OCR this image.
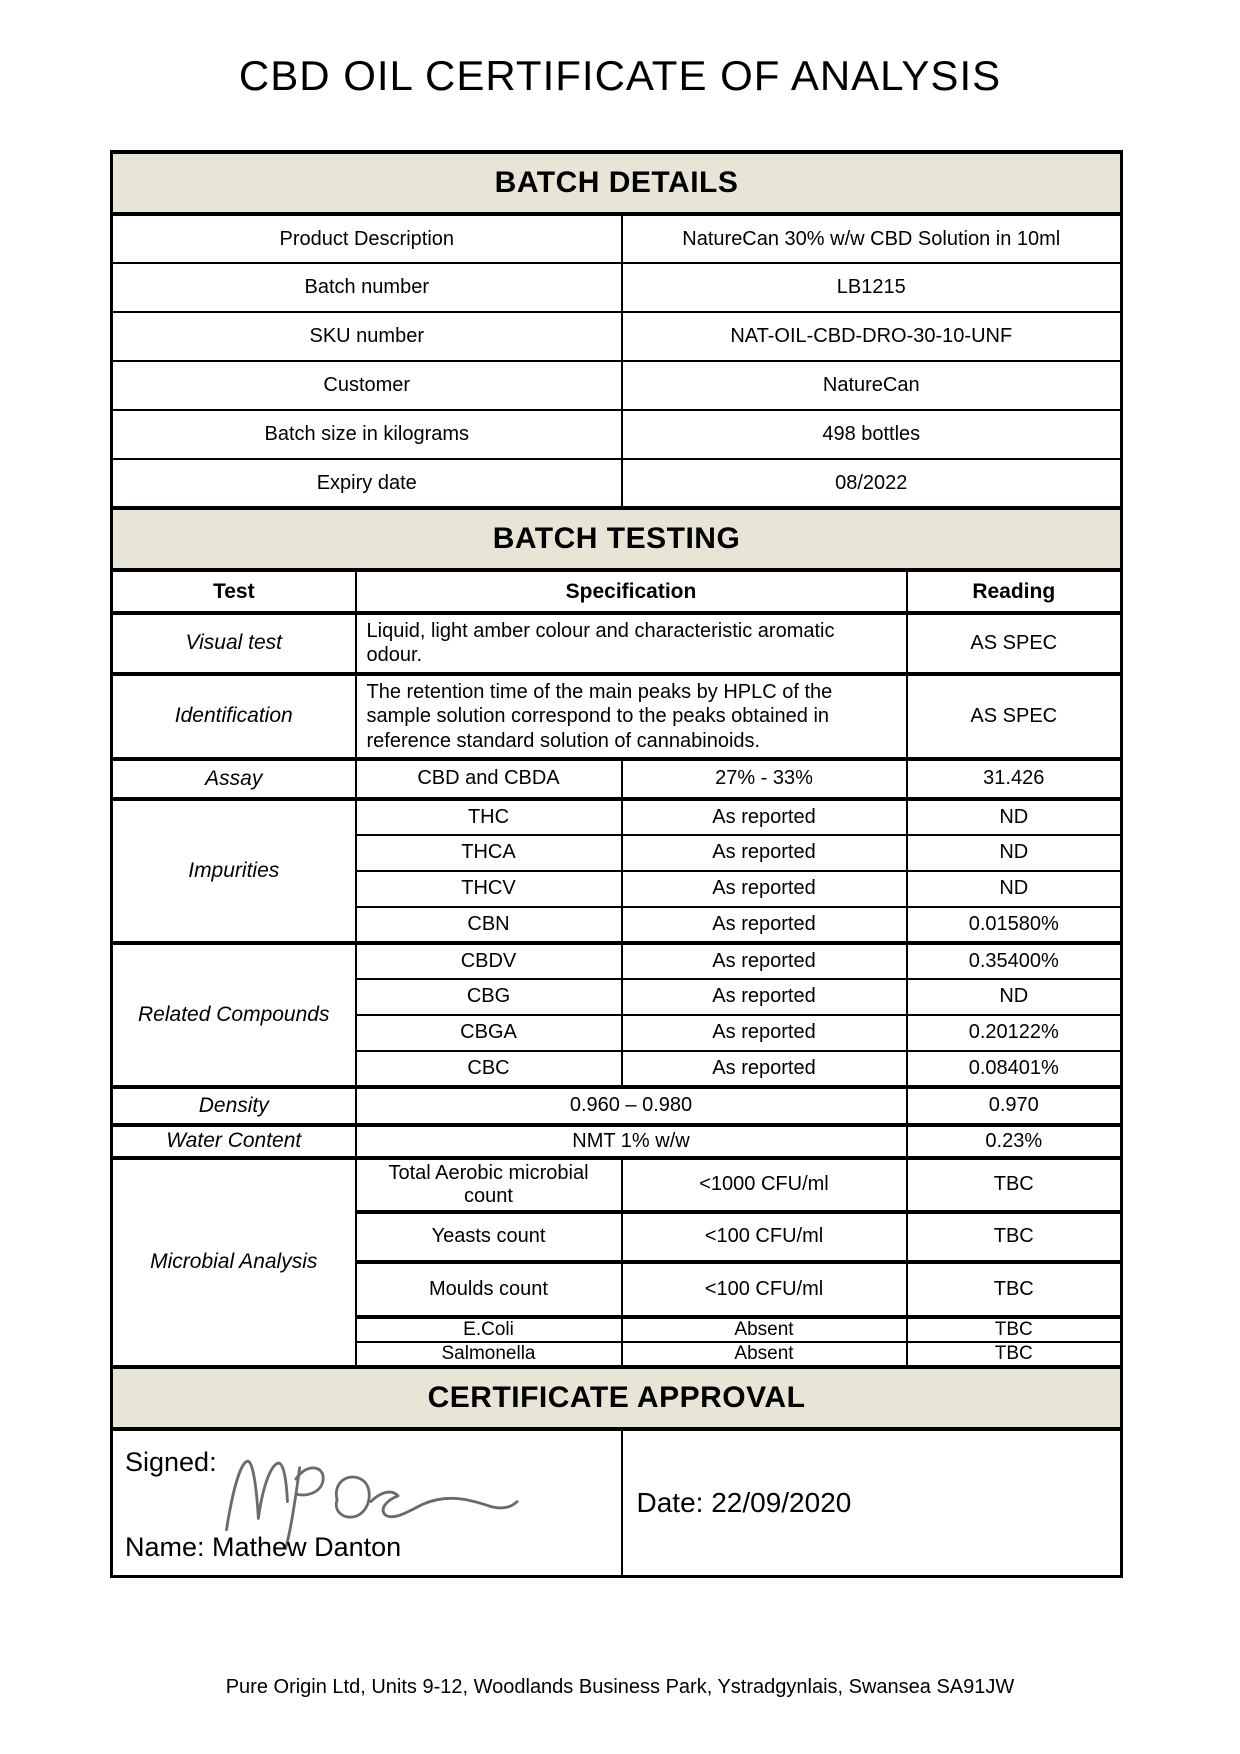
CBD OIL CERTIFICATE OF ANALYSIS
BATCH DETAILS			
Product Description		NatureCan 30% w/w CBD Solution in 10ml	
Batch number		LB1215	
SKU number		NAT-OIL-CBD-DRO-30-10-UNF	
Customer		NatureCan	
Batch size in kilograms		498 bottles	
Expiry date		08/2022	
BATCH TESTING			
Test	Specification		Reading
Visual test	Liquid, light amber colour and characteristic aromatic odour.		AS SPEC
Identification	The retention time of the main peaks by HPLC of the sample solution correspond to the peaks obtained in reference standard solution of cannabinoids.		AS SPEC
Assay	CBD and CBDA	27% - 33%	31.426
Impurities	THC	As reported	ND
	THCA	As reported	ND
	THCV	As reported	ND
	CBN	As reported	0.01580%
Related Compounds	CBDV	As reported	0.35400%
	CBG	As reported	ND
	CBGA	As reported	0.20122%
	CBC	As reported	0.08401%
Density	0.960 – 0.980		0.970
Water Content	NMT 1% w/w		0.23%
Microbial Analysis	Total Aerobic microbial count	<1000 CFU/ml	TBC
	Yeasts count	<100 CFU/ml	TBC
	Moulds count	<100 CFU/ml	TBC
	E.Coli	Absent	TBC
	Salmonella	Absent	TBC
CERTIFICATE APPROVAL			

Signed:
Name: Mathew Danton		Date: 22/09/2020	
Pure Origin Ltd, Units 9-12, Woodlands Business Park, Ystradgynlais, Swansea SA91JW
